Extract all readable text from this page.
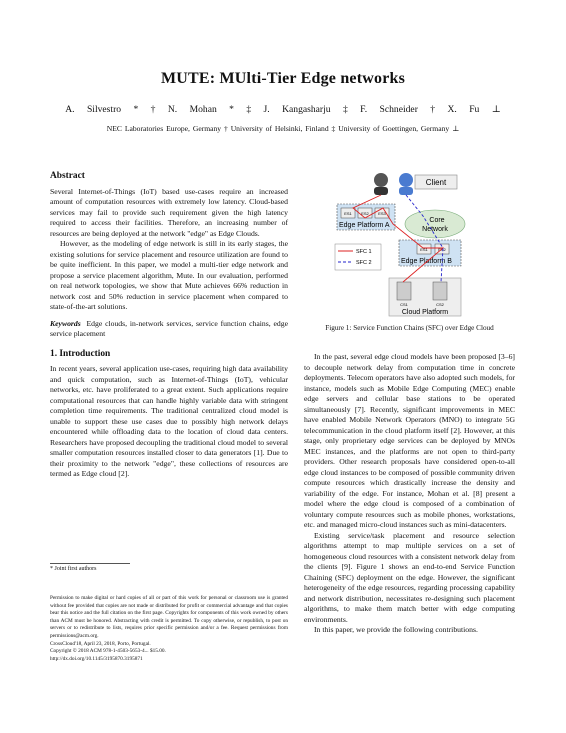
MUTE: MUlti-Tier Edge networks
A. Silvestro * † N. Mohan * ‡ J. Kangasharju ‡ F. Schneider † X. Fu ⊥
NEC Laboratories Europe, Germany † University of Helsinki, Finland ‡ University of Goettingen, Germany ⊥
Abstract

Several Internet-of-Things (IoT) based use-cases require an increased amount of computation resources with extremely low latency. Cloud-based services may fail to provide such requirement given the high latency required to access their facilities. Therefore, an increasing number of resources are being deployed at the network "edge" as Edge Clouds.

However, as the modeling of edge network is still in its early stages, the existing solutions for service placement and resource utilization are found to be quite inefficient. In this paper, we model a multi-tier edge network and propose a service placement algorithm, Mute. In our evaluation, performed on real network topologies, we show that Mute achieves 66% reduction in network cost and 50% reduction in service placement when compared to state-of-the-art solutions.

Keywords Edge clouds, in-network services, service function chains, edge service placement

1. Introduction

In recent years, several application use-cases, requiring high data availability and quick computation, such as Internet-of-Things (IoT), vehicular networks, etc. have proliferated to a great extent. Such applications require computational resources that can handle highly variable data with stringent completion time requirements. The traditional centralized cloud model is unable to support these use cases due to possibly high network delays encountered while offloading data to the location of cloud data centers. Researchers have proposed decoupling the traditional cloud model to several smaller computation resources installed closer to data generators [1]. Due to their proximity to the network "edge", these collections of resources are termed as Edge cloud [2].

* Joint first authors
Permission to make digital or hard copies of all or part of this work for personal or classroom use is granted without fee provided that copies are not made or distributed for profit or commercial advantage and that copies bear this notice and the full citation on the first page. Copyrights for components of this work owned by others than ACM must be honored. Abstracting with credit is permitted. To copy otherwise, or republish, to post on servers or to redistribute to lists, requires prior specific permission and/or a fee. Request permissions from permissions@acm.org.
CrossCloud'18, April 23, 2018, Porto, Portugal.
Copyright © 2018 ACM 978-1-4503-5653-4... $15.00.
http://dx.doi.org/10.1145/3195870.3195871
Client
Core
Network
ES1 ES2 ES3
Edge Platform A
ES1	ES2
Edge Platform B
CS1	CS2
Cloud Platform
SFC 1
SFC 2
Figure 1: Service Function Chains (SFC) over Edge Cloud

In the past, several edge cloud models have been proposed [3–6] to decouple network delay from computation time in concrete deployments. Telecom operators have also adopted such models, for instance, models such as Mobile Edge Computing (MEC) enable edge servers and cellular base stations to be operated simultaneously [7]. Recently, significant improvements in MEC have enabled Mobile Network Operators (MNO) to integrate 5G telecommunication in the cloud platform itself [2]. However, at this stage, only proprietary edge services can be deployed by MNOs MEC instances, and the platforms are not open to third-party providers. Other research proposals have considered open-to-all edge cloud instances to be composed of possible community driven compute resources which drastically increase the density and variability of the edge. For instance, Mohan et al. [8] present a model where the edge cloud is composed of a combination of voluntary compute resources such as mobile phones, workstations, etc. and managed micro-cloud instances such as mini-datacenters.

Existing service/task placement and resource selection algorithms attempt to map multiple services on a set of homogeneous cloud resources with a consistent network delay from the clients [9]. Figure 1 shows an end-to-end Service Function Chaining (SFC) deployment on the edge. However, the significant heterogeneity of the edge resources, regarding processing capability and network distribution, necessitates re-designing such placement algorithms, to make them match better with edge computing environments.

In this paper, we provide the following contributions.
